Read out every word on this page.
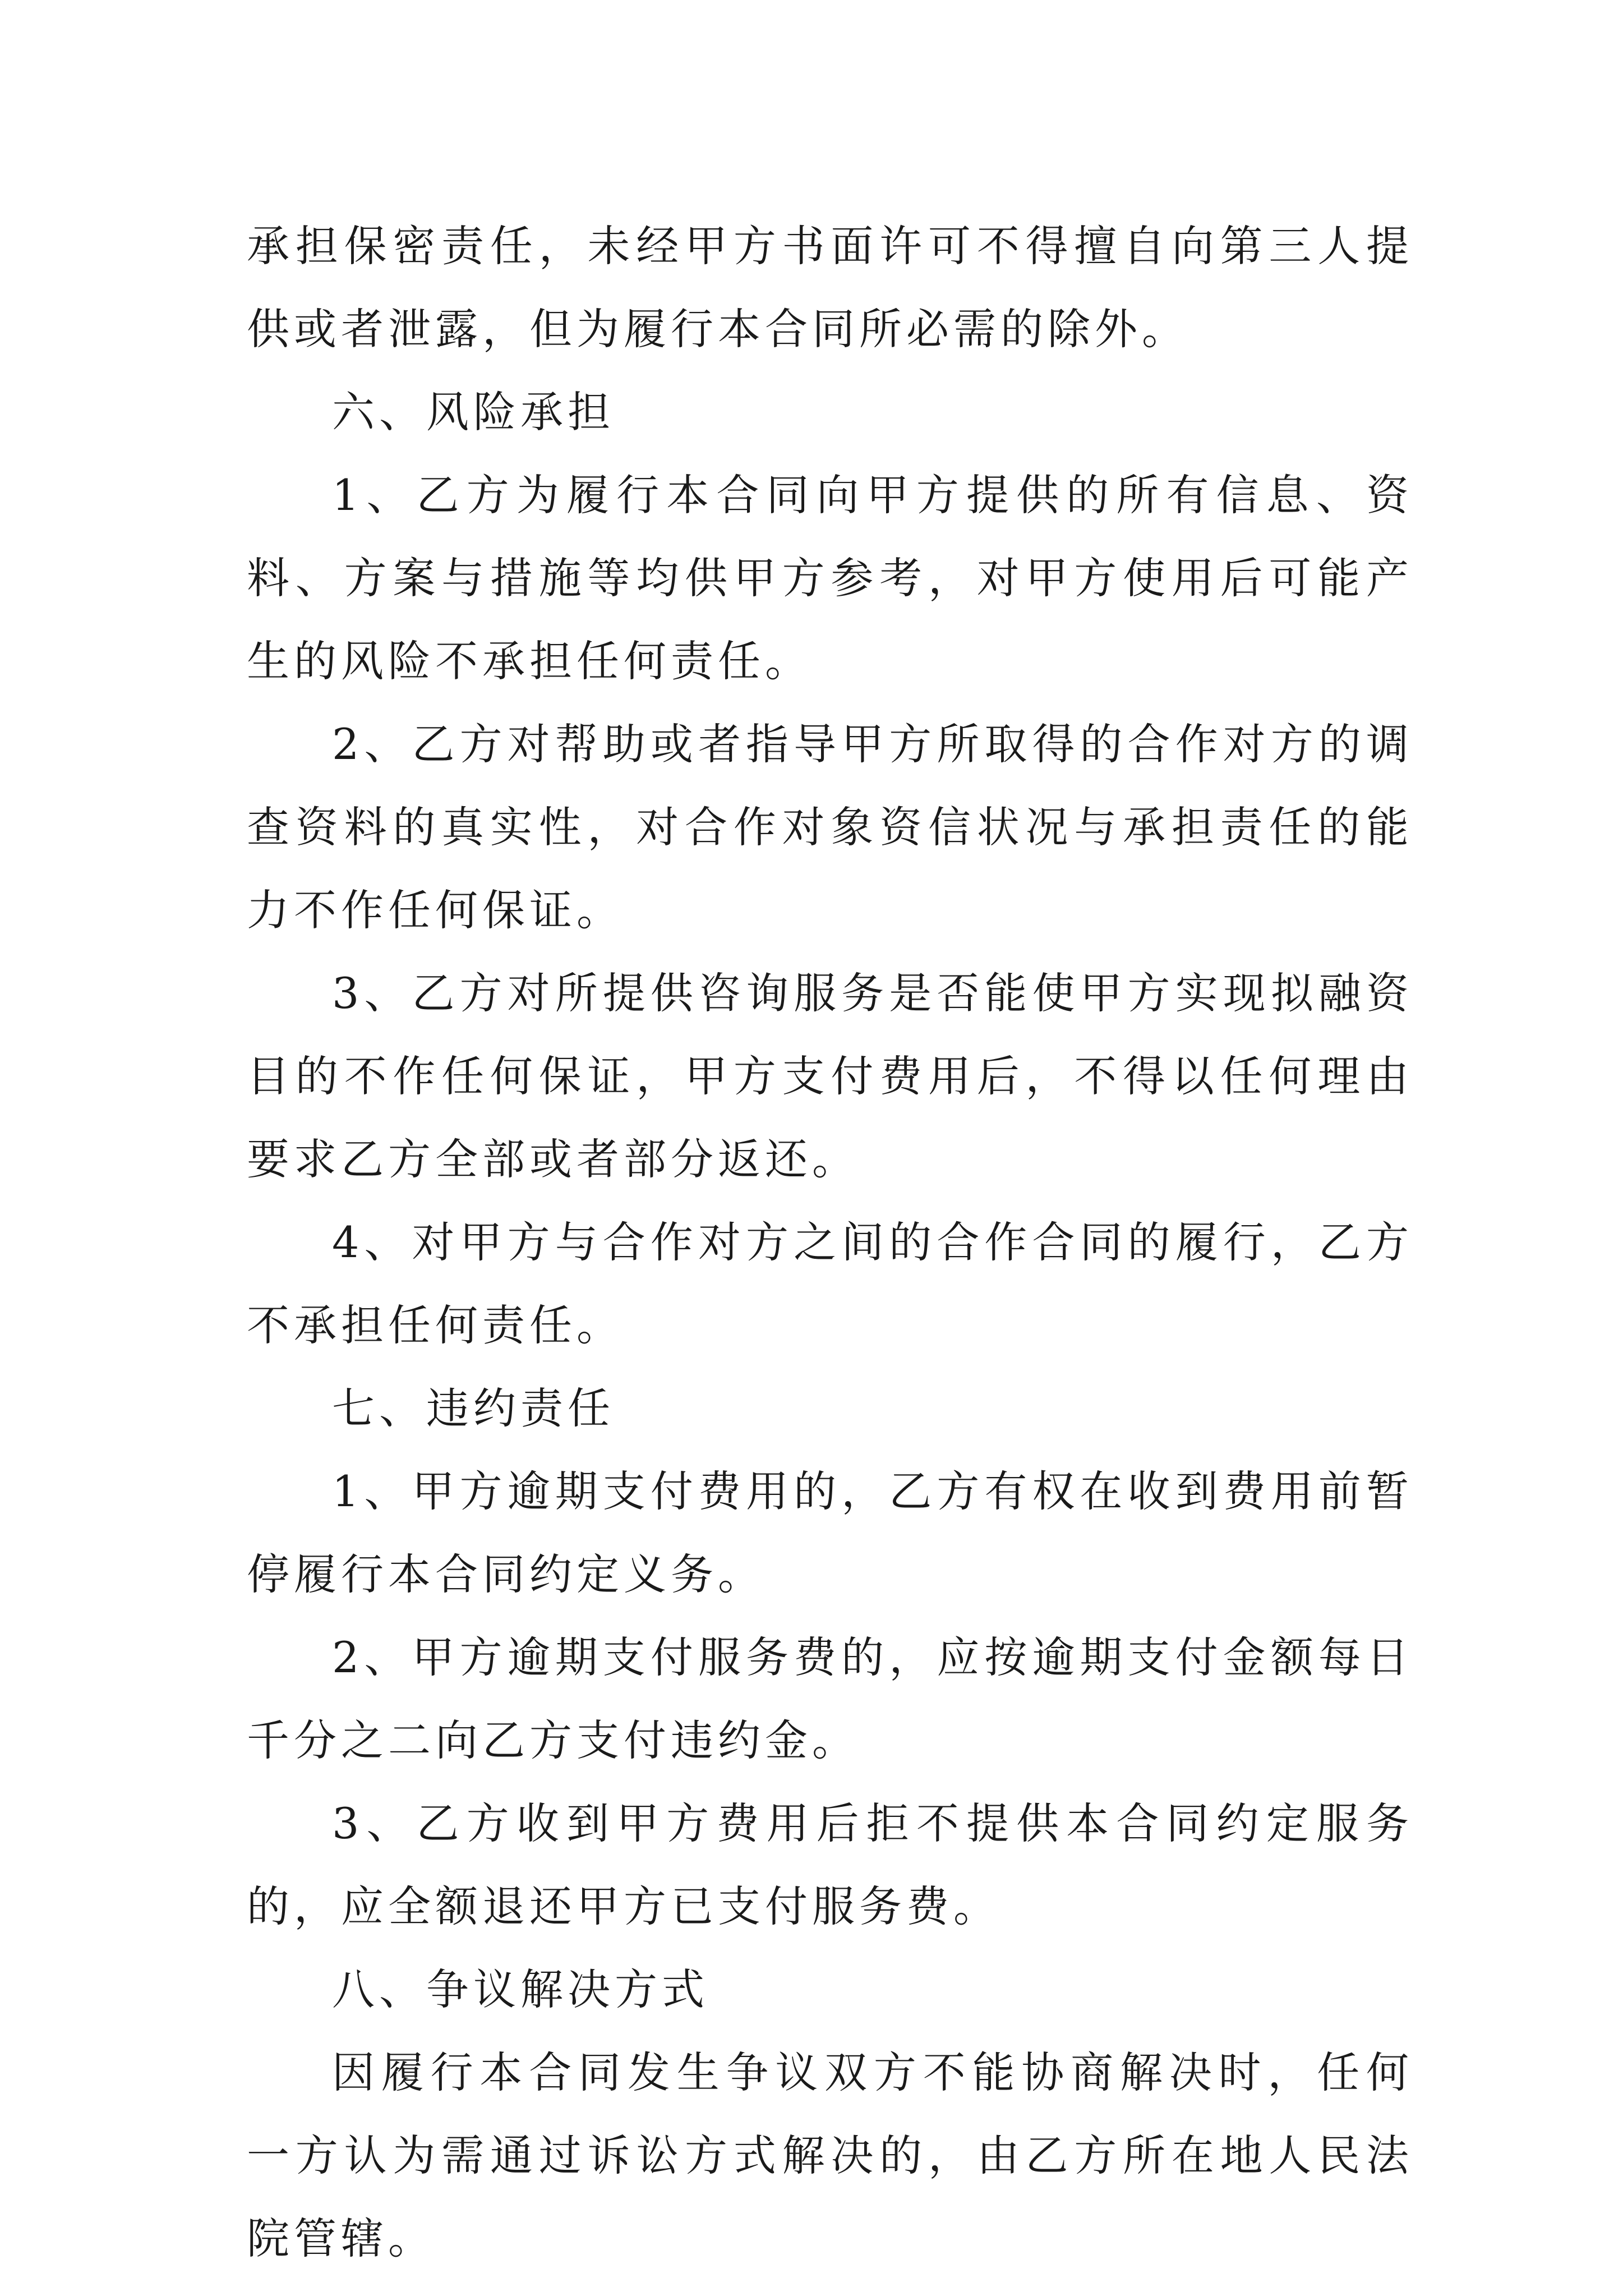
承担保密责任，未经甲方书面许可不得擅自向第三人提供或者泄露，但为履行本合同所必需的除外。

六、风险承担

1、乙方为履行本合同向甲方提供的所有信息、资料、方案与措施等均供甲方参考，对甲方使用后可能产生的风险不承担任何责任。

2、乙方对帮助或者指导甲方所取得的合作对方的调查资料的真实性，对合作对象资信状况与承担责任的能力不作任何保证。

3、乙方对所提供咨询服务是否能使甲方实现拟融资目的不作任何保证，甲方支付费用后，不得以任何理由要求乙方全部或者部分返还。

4、对甲方与合作对方之间的合作合同的履行，乙方不承担任何责任。

七、违约责任

1、甲方逾期支付费用的，乙方有权在收到费用前暂停履行本合同约定义务。

2、甲方逾期支付服务费的，应按逾期支付金额每日千分之二向乙方支付违约金。

3、乙方收到甲方费用后拒不提供本合同约定服务的，应全额退还甲方已支付服务费。

八、争议解决方式

因履行本合同发生争议双方不能协商解决时，任何一方认为需通过诉讼方式解决的，由乙方所在地人民法院管辖。
